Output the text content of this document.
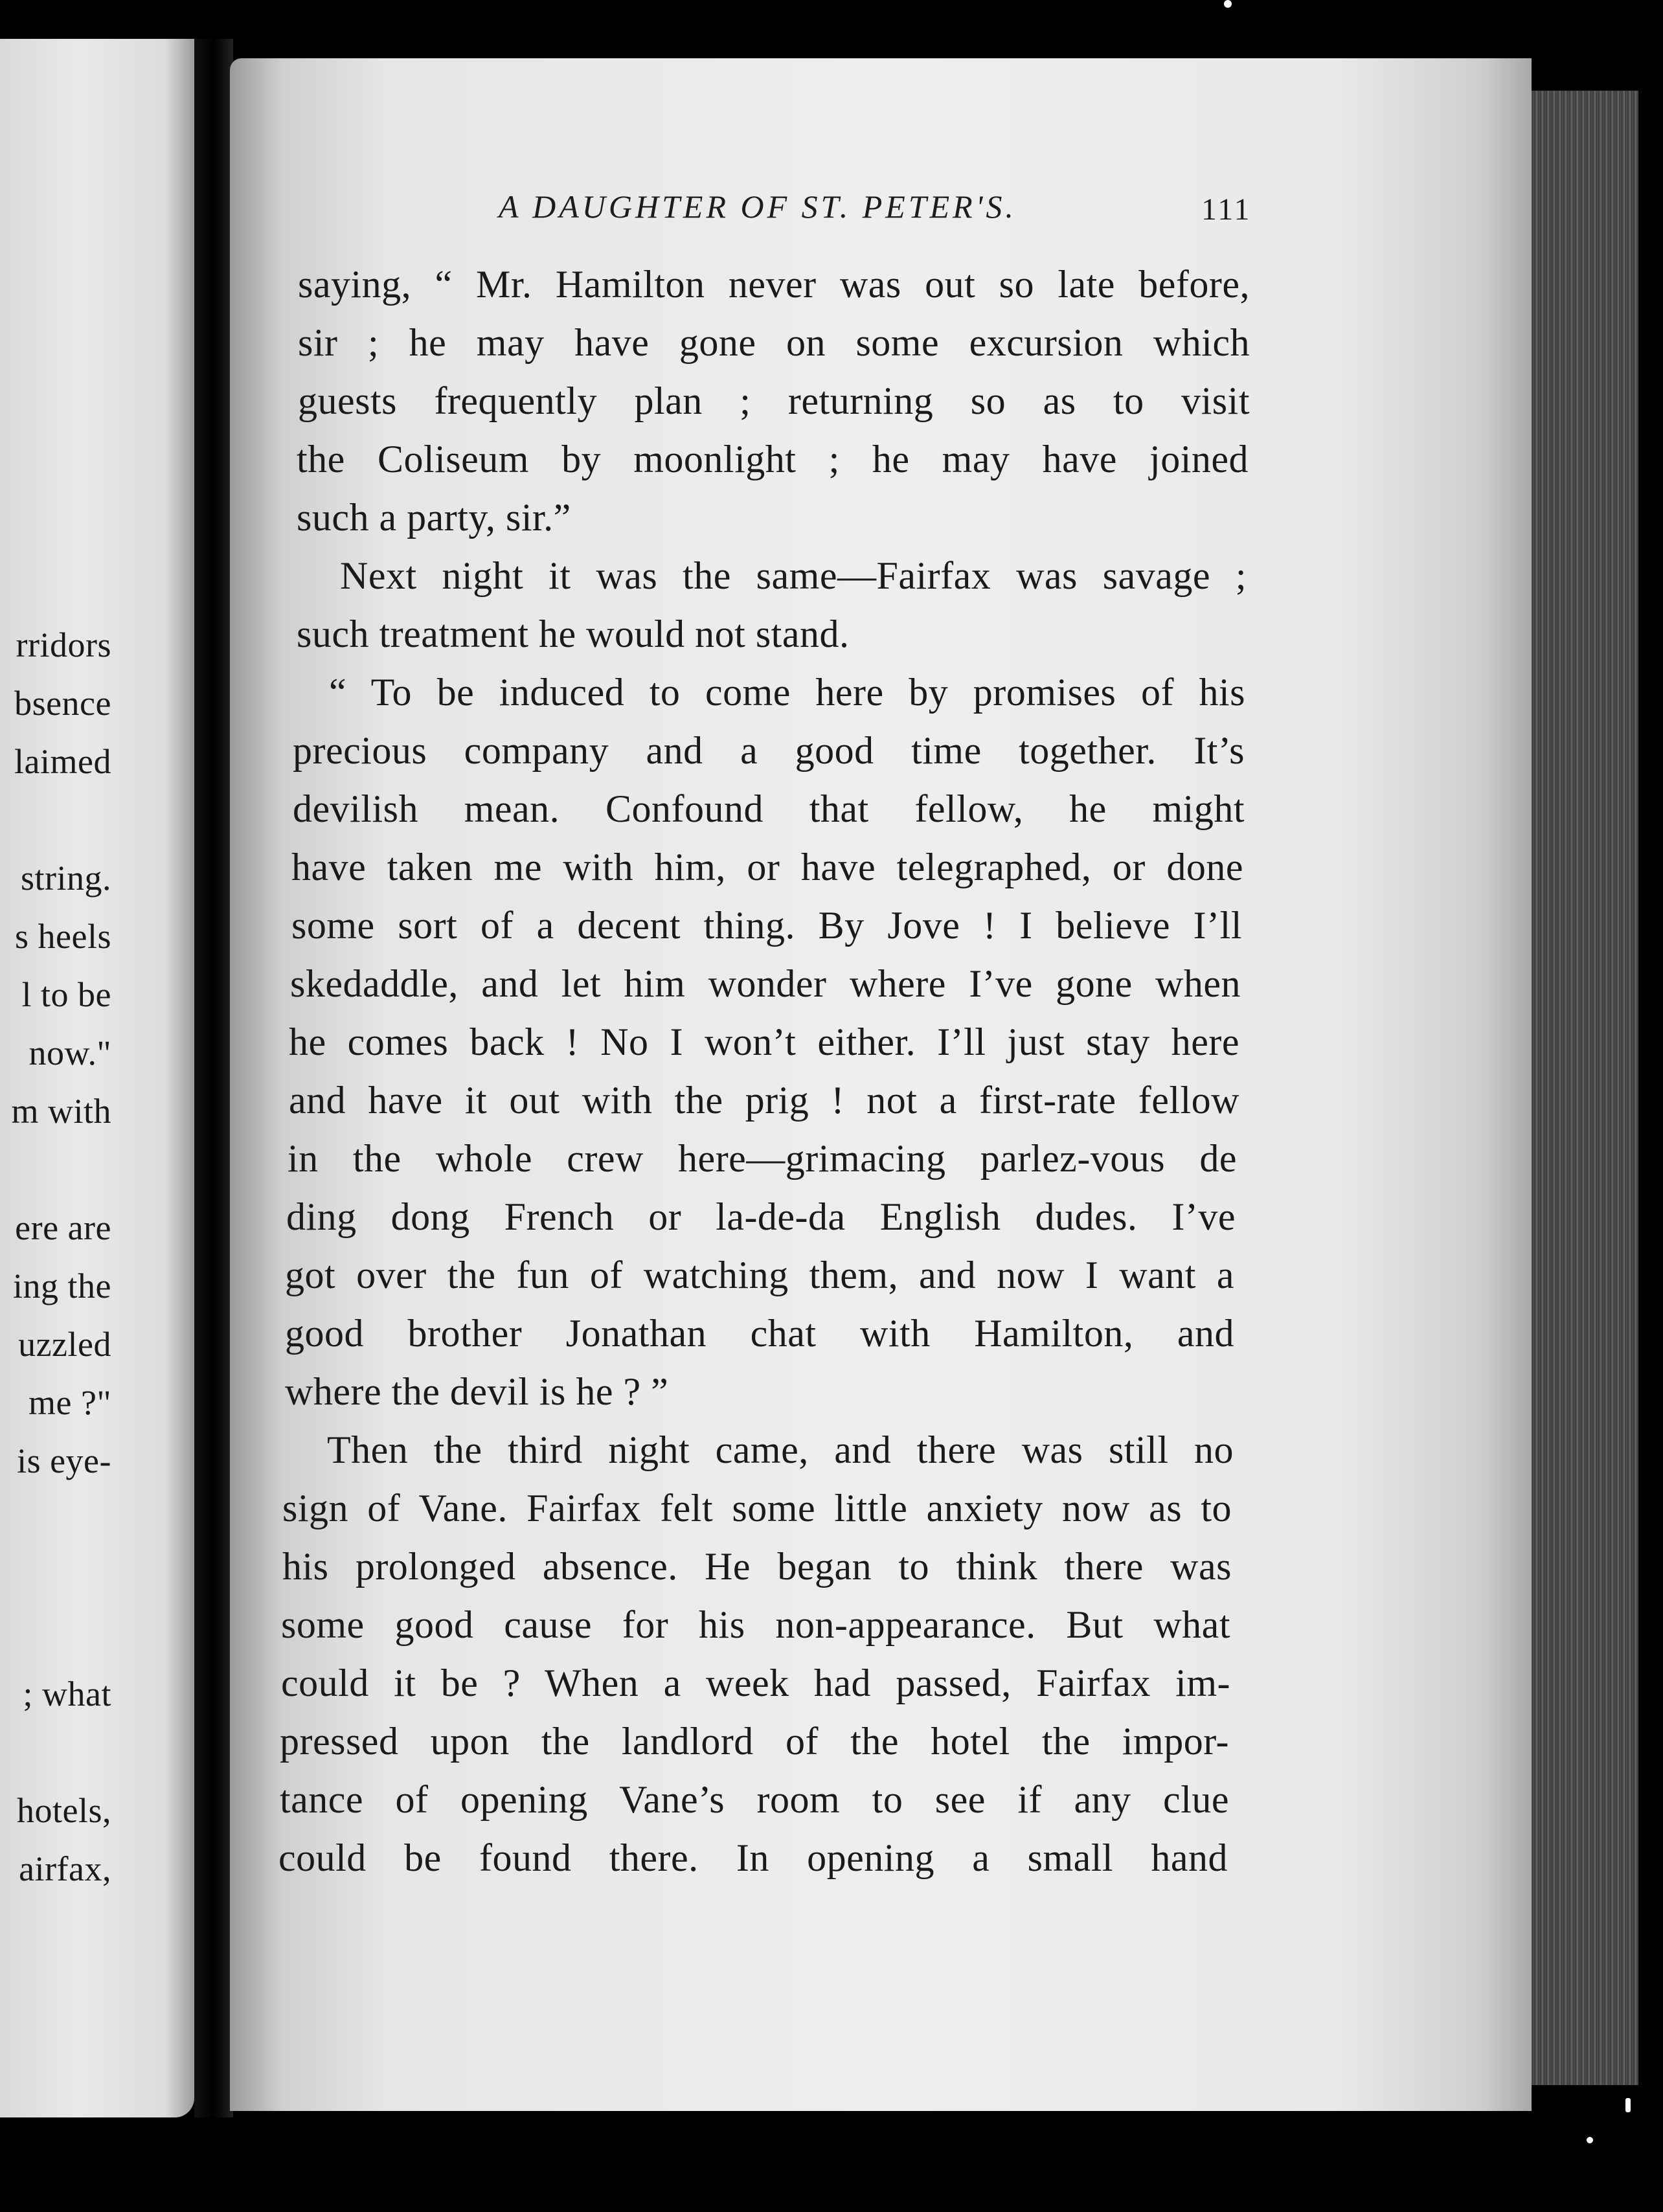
rridors
bsence
laimed
string.
s heels
l to be
now."
m with
ere are
ing the
uzzled
me ?"
is eye-
; what
hotels,
airfax,
A DAUGHTER OF ST. PETER'S.	111
saying, “ Mr. Hamilton never was out so late before,
sir ; he may have gone on some excursion which
guests frequently plan ; returning so as to visit
the Coliseum by moonlight ; he may have joined
such a party, sir.”
Next night it was the same—Fairfax was savage ;
such treatment he would not stand.
“ To be induced to come here by promises of his
precious company and a good time together. It’s
devilish mean. Confound that fellow, he might
have taken me with him, or have telegraphed, or done
some sort of a decent thing. By Jove ! I believe I’ll
skedaddle, and let him wonder where I’ve gone when
he comes back ! No I won’t either. I’ll just stay here
and have it out with the prig ! not a first-rate fellow
in the whole crew here—grimacing parlez-vous de
ding dong French or la-de-da English dudes. I’ve
got over the fun of watching them, and now I want a
good brother Jonathan chat with Hamilton, and
where the devil is he ? ”
Then the third night came, and there was still no
sign of Vane. Fairfax felt some little anxiety now as to
his prolonged absence. He began to think there was
some good cause for his non-appearance. But what
could it be ? When a week had passed, Fairfax im-
pressed upon the landlord of the hotel the impor-
tance of opening Vane’s room to see if any clue
could be found there. In opening a small hand
